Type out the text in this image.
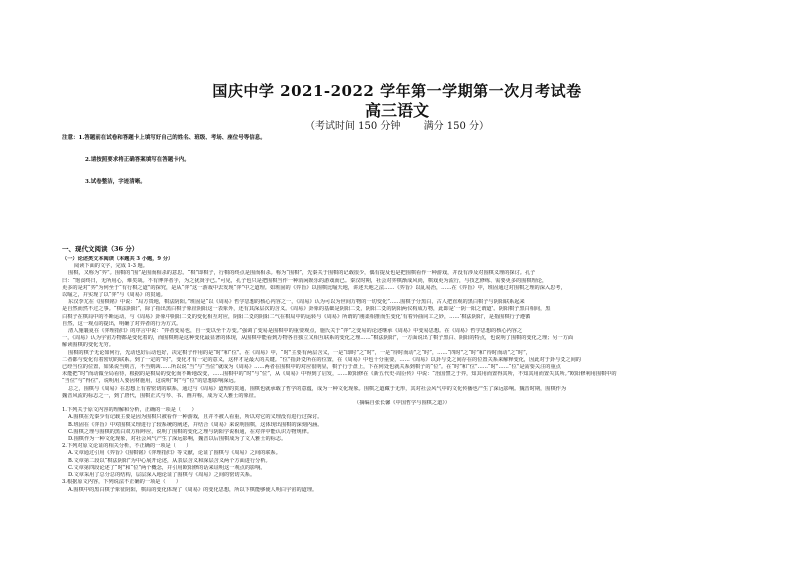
国庆中学 2021-2022 学年第一学期第一次月考试卷
高三语文
（考试时间 150 分钟 满分 150 分）
注意：1.答题前在试卷和答题卡上填写好自己的姓名、班级、考场、座位号等信息。
2.请按照要求将正确答案填写在答题卡内。
3.试卷整洁，字迹清晰。
一、现代文阅读（36 分）

（一）论述类文本阅读（本题共 3 小题，9 分）

阅读下面的文字，完成 1-3 题。

围棋，又称为“弈”。围棋的“围”是围而相杀的意思。“棋”即棋子，行棋的终点是围而相杀。称为“围棋”，先秦关于围棋的记载很少，偶有提及也是把围棋看作一种游戏，并没有涉及对围棋义理的探讨。孔子

曰：“饱食终日，无所用心，难矣哉。不有博弈者乎，为之犹贤乎已。”可见，孔子也只是把围棋当作一种消闲娱乐的游戏而已。秦汉时期，社会对弈棋渐成风尚，棋戏更为流行，与技艺修练、需要更多的围棋理论，

更多的是对“弈”为何至于“有行棋之道”的探究，是从“弈”这一游戏中去发现“弈”中之道理。如班固的《弈旨》以围棋比喻天地，讲述天地之法……《弈旨》以乱易治，……在《弈旨》中，班固通过对围棋之理的深入思考，

以喻之，并实现了以“弈”与《周易》的贯通。

东汉李尤在《围棋铭》中说：“局方贵地，棋法阴阳。”班固是“以《周易》哲学思想的核心内容之一，《周易》认为可以为世间万物的一切变化”……围棋子分黑白，古人把直观的黑白棋子与阴阳联系起来

是自然而然不过之事。“棋法阴阳”，除了指出黑白棋子象征阴阳这一表象外，还有其深层次的含义。《周易》卦象的基础是阴阳二爻，阴阳二爻的阴阳两仪构成万物，此即是‘一阴一阳之谓道’。阴阳棋子黑白相间，黑

白棋子在棋局中的不断运动，与《周易》卦象中阴阳二爻的变化相互对应，阴阳二爻的阴阳二气在棋局中的运转与《周易》所谓的‘刚柔相推而生变化’有着异曲同工之妙，……‘棋法阴阳’，是指围棋行子遵循

自然，这一观点的提出，明确了对弈者的行为方式。

清人施襄夏在《弈理指归》的序言中说：“弈者变易也，自一变以至千万变。”强调了变易是围棋中的重要观点，施氏关于“弈”之变易的论述继承《周易》中变易思想。在《周易》哲学思想的核心内容之

一，《周易》认为宇宙万物都是变化着的，而围棋则是这种变化最显著的体现，从围棋中能看到万物各自独立又相互联系的变化之理……“棋法阴阳”，一方面说出了棋子黑白、阴阳的特点，也说明了围棋的变化之理；另一方面

解读围棋的变化无穷。

围棋的棋子无论如何行，先动也好后动也好，决定棋子作用的是“时”和“位”。在《周易》中，“时”主要有两层含义，一是“即时”之“时”，一是“待时而动”之“时”，……“四时”之“时”和“待时而动”之“时”，

二者都与变化有着密切的联系。到了一定的“时”，变化才有一定的意义，这样才是最大的关键。“位”指卦爻所在的位置，在《周易》中也十分重要，……《周易》以卦与爻之间存在的位置关系来解释变化，因此对于卦与爻之间的

已经当位的位置，如果说当则吉，不当则凶……所以说“当”与“当位”就成为《周易》……两者在围棋中的对应很明显，棋子行于盘上，下在何处也就关系到棋子的“位”。在“时”和“位”……“时”……“位”是需要关注的重点

未能把“时”而动做全局看待，根据的是棋局的变化而不断地改变，……围棋中的“时”与“位”，从《周易》中得到了启发，……欧阳修在《新五代史·周臣传》中说：“治国譬之于弈，知其用而置得其所，不知其用而置失其所。”欧阳修利用围棋中的

“当位”与“得位”，说明用人要因材施用，这说明“时”与“位”的思想影响深远。

总之，围棋与《周易》在思想上有着密切的联系，通过与《周易》道理的贯通，围棋也就承载了哲学的意蕴，成为一种文化现象。围棋之道藏于无形，其对社会风气中的文化传播也产生了深远影响。魏晋时期，围棋作为

魏晋风流的标志之一，到了唐代，围棋正式与琴、书、画并称，成为文人雅士的象征。

（摘编自张长馨《中国哲学与围棋之道》）

1.下列关于原文内容的理解和分析，正确的一项是（　　）

A.围棋在先秦少有记载主要是因为围棋只被看作一种游戏，且并不被人看重，所以对它的义理没有进行过探讨。

B.班固在《弈旨》中对围棋义理进行了较系统的阐述，并结合《周易》来说明围棋，这体现出围棋的深刻内涵。

C.围棋之理与围棋的黑白双方相呼应，说明了围棋的变化之理与阴阳学说相通，在对弈中能认识万物规律。

D.围棋作为一种文化现象，对社会风气产生了深远影响，魏晋以后围棋成为了文人雅士的标志。

2.下列对原文论证的相关分析，不正确的一项是（　　）

A.文章通过引用《弈旨》《围棋铭》《弈理指归》等文献，论证了围棋与《周易》之间的联系。

B.文章第二段以“棋法阴阳”为中心展开论述，从表层含义和深层含义两个方面进行分析。

C.文章第四段论述了“时”和“位”两个概念，并引用欧阳修的话来证明这一观点的影响。

D.文章采用了总分总的结构，层层深入地论证了围棋与《周易》之间的密切关系。

3.根据原文内容，下列说法不正确的一项是（　　）

A.围棋中的黑白棋子象征阴阳，棋局的变化体现了《周易》的变化思想，所以下棋能够使人明白宇宙的道理。
